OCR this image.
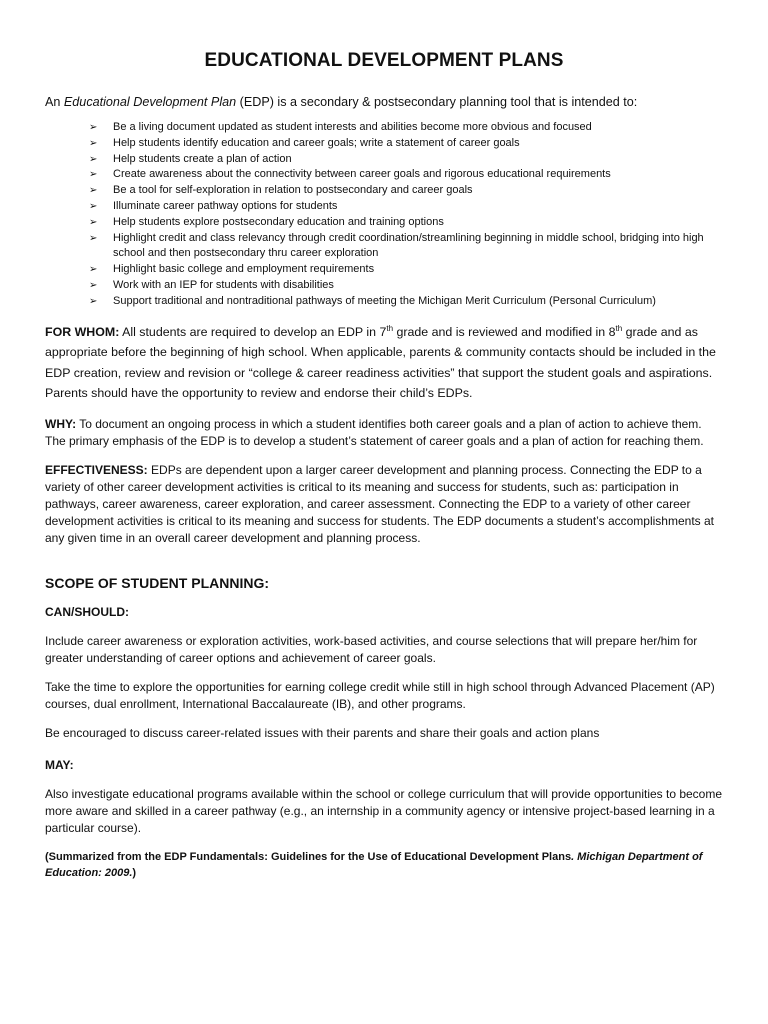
EDUCATIONAL DEVELOPMENT PLANS

An Educational Development Plan (EDP) is a secondary & postsecondary planning tool that is intended to:

➢ Be a living document updated as student interests and abilities become more obvious and focused
➢ Help students identify education and career goals; write a statement of career goals
➢ Help students create a plan of action
➢ Create awareness about the connectivity between career goals and rigorous educational requirements
➢ Be a tool for self-exploration in relation to postsecondary and career goals
➢ Illuminate career pathway options for students
➢ Help students explore postsecondary education and training options
➢ Highlight credit and class relevancy through credit coordination/streamlining beginning in middle school, bridging into high school and then postsecondary thru career exploration
➢ Highlight basic college and employment requirements
➢ Work with an IEP for students with disabilities
➢ Support traditional and nontraditional pathways of meeting the Michigan Merit Curriculum (Personal Curriculum)

FOR WHOM: All students are required to develop an EDP in 7th grade and is reviewed and modified in 8th grade and as appropriate before the beginning of high school. When applicable, parents & community contacts should be included in the EDP creation, review and revision or “college & career readiness activities” that support the student goals and aspirations. Parents should have the opportunity to review and endorse their child’s EDPs.

WHY: To document an ongoing process in which a student identifies both career goals and a plan of action to achieve them. The primary emphasis of the EDP is to develop a student’s statement of career goals and a plan of action for reaching them.

EFFECTIVENESS: EDPs are dependent upon a larger career development and planning process. Connecting the EDP to a variety of other career development activities is critical to its meaning and success for students, such as: participation in pathways, career awareness, career exploration, and career assessment. Connecting the EDP to a variety of other career development activities is critical to its meaning and success for students. The EDP documents a student’s accomplishments at any given time in an overall career development and planning process.

SCOPE OF STUDENT PLANNING:
CAN/SHOULD:

Include career awareness or exploration activities, work-based activities, and course selections that will prepare her/him for greater understanding of career options and achievement of career goals.

Take the time to explore the opportunities for earning college credit while still in high school through Advanced Placement (AP) courses, dual enrollment, International Baccalaureate (IB), and other programs.

Be encouraged to discuss career-related issues with their parents and share their goals and action plans

MAY:

Also investigate educational programs available within the school or college curriculum that will provide opportunities to become more aware and skilled in a career pathway (e.g., an internship in a community agency or intensive project-based learning in a particular course).

(Summarized from the EDP Fundamentals: Guidelines for the Use of Educational Development Plans. Michigan Department of Education: 2009.)
